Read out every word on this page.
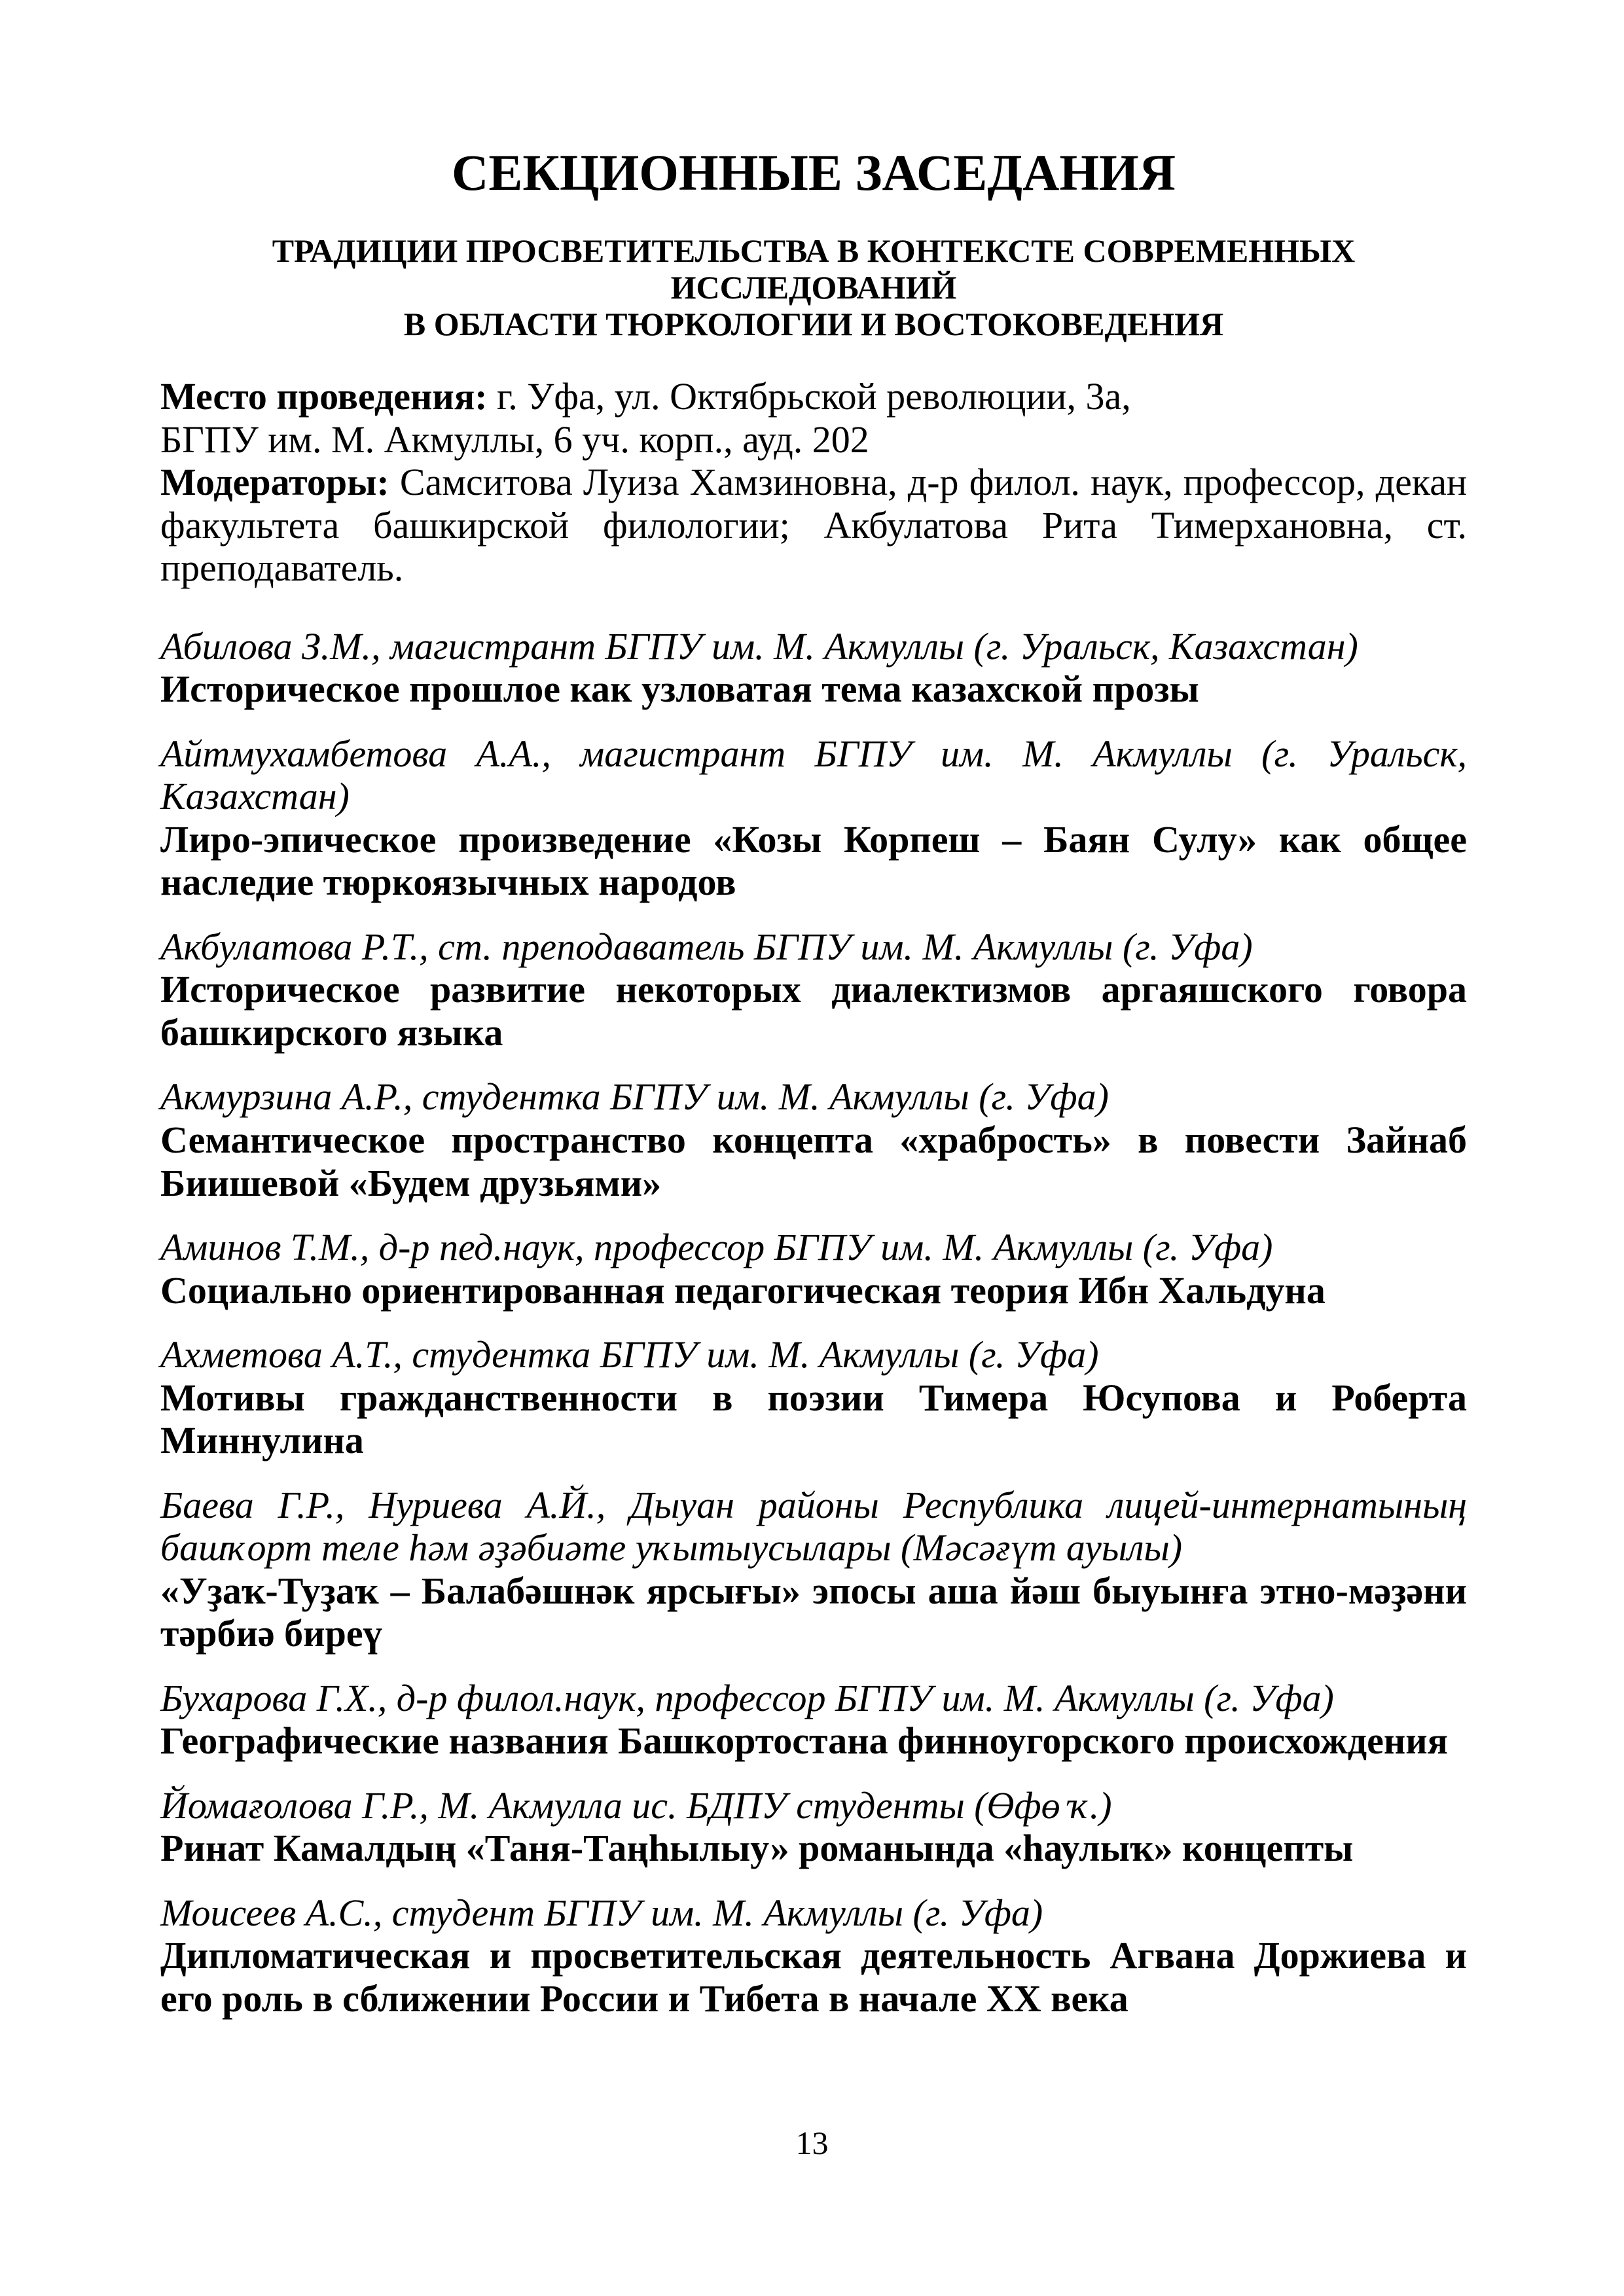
СЕКЦИОННЫЕ ЗАСЕДАНИЯ
ТРАДИЦИИ ПРОСВЕТИТЕЛЬСТВА В КОНТЕКСТЕ СОВРЕМЕННЫХ ИССЛЕДОВАНИЙ
В ОБЛАСТИ ТЮРКОЛОГИИ И ВОСТОКОВЕДЕНИЯ

Место проведения: г. Уфа, ул. Октябрьской революции, 3а,
БГПУ им. М. Акмуллы, 6 уч. корп., ауд. 202
Модераторы: Самситова Луиза Хамзиновна, д-р филол. наук, профессор, декан факультета башкирской филологии; Акбулатова Рита Тимерхановна, ст. преподаватель.

Абилова З.М., магистрант БГПУ им. М. Акмуллы (г. Уральск, Казахстан)

Историческое прошлое как узловатая тема казахской прозы

Айтмухамбетова А.А., магистрант БГПУ им. М. Акмуллы (г. Уральск, Казахстан)

Лиро-эпическое произведение «Козы Корпеш – Баян Сулу» как общее наследие тюркоязычных народов

Акбулатова Р.Т., ст. преподаватель БГПУ им. М. Акмуллы (г. Уфа)

Историческое развитие некоторых диалектизмов аргаяшского говора башкирского языка

Акмурзина А.Р., студентка БГПУ им. М. Акмуллы (г. Уфа)

Семантическое пространство концепта «храбрость» в повести Зайнаб Биишевой «Будем друзьями»

Аминов Т.М., д-р пед.наук, профессор БГПУ им. М. Акмуллы (г. Уфа)

Социально ориентированная педагогическая теория Ибн Хальдуна

Ахметова А.Т., студентка БГПУ им. М. Акмуллы (г. Уфа)

Мотивы гражданственности в поэзии Тимера Юсупова и Роберта Миннулина

Баева Г.Р., Нуриева А.Й., Дыуан районы Республика лицей-интернатының башҡорт теле һәм әҙәбиәте уҡытыусылары (Мәсәғүт ауылы)

«Уҙаҡ-Туҙаҡ – Балабәшнәк ярсығы» эпосы аша йәш быуынға этно-мәҙәни тәрбиә биреү

Бухарова Г.Х., д-р филол.наук, профессор БГПУ им. М. Акмуллы (г. Уфа)

Географические названия Башкортостана финноугорского происхождения

Йомағолова Г.Р., М. Акмулла ис. БДПУ студенты (Өфө ҡ.)

Ринат Камалдың «Таня-Таңһылыу» романында «һаулыҡ» концепты

Моисеев А.С., студент БГПУ им. М. Акмуллы (г. Уфа)

Дипломатическая и просветительская деятельность Агвана Доржиева и его роль в сближении России и Тибета в начале XX века

13
